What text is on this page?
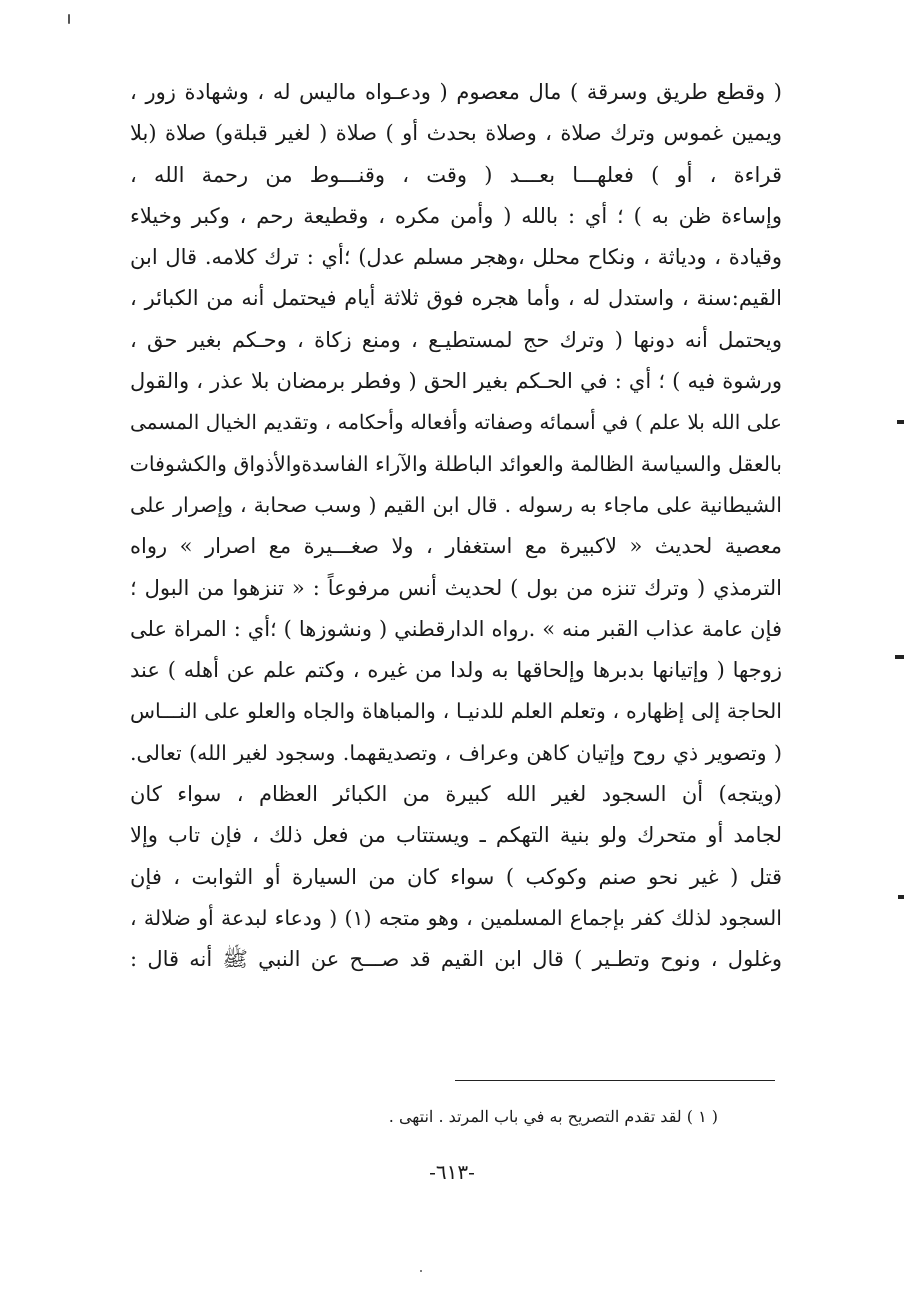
( وقطع طريق وسرقة ) مال معصوم ( ودعـواه ماليس له ، وشهادة زور ،
ويمين غموس وترك صلاة ، وصلاة بحدث أو ) صلاة ( لغير قبلةو) صلاة (بلا
قراءة ، أو ) فعلهـــا بعـــد ( وقت ، وقنـــوط من رحمة الله ،
وإساءة ظن به ) ؛ أي : بالله ( وأمن مكره ، وقطيعة رحم ، وكبر وخيلاء
وقيادة ، ودياثة ، ونكاح محلل ،وهجر مسلم عدل) ؛أي : ترك كلامه. قال ابن
القيم:سنة ، واستدل له ، وأما هجره فوق ثلاثة أيام فيحتمل أنه من الكبائر ،
ويحتمل أنه دونها ( وترك حج لمستطيـع ، ومنع زكاة ، وحـكم بغير حق ،
ورشوة فيه ) ؛ أي : في الحـكم بغير الحق ( وفطر برمضان بلا عذر ، والقول
على الله بلا علم ) في أسمائه وصفاته وأفعاله وأحكامه ، وتقديم الخيال المسمى
بالعقل والسياسة الظالمة والعوائد الباطلة والآراء الفاسدةوالأذواق والكشوفات
الشيطانية على ماجاء به رسوله . قال ابن القيم ( وسب صحابة ، وإصرار على
معصية لحديث « لاكبيرة مع استغفار ، ولا صغـــيرة مع اصرار » رواه
الترمذي ( وترك تنزه من بول ) لحديث أنس مرفوعاً : « تنزهوا من البول ؛
فإن عامة عذاب القبر منه » .رواه الدارقطني ( ونشوزها ) ؛أي : المراة على
زوجها ( وإتيانها بدبرها وإلحاقها به ولدا من غيره ، وكتم علم عن أهله ) عند
الحاجة إلى إظهاره ، وتعلم العلم للدنيـا ، والمباهاة والجاه والعلو على النـــاس
( وتصوير ذي روح وإتيان كاهن وعراف ، وتصديقهما. وسجود لغير الله) تعالى.
(ويتجه) أن السجود لغير الله كبيرة من الكبائر العظام ، سواء كان
لجامد أو متحرك ولو بنية التهكم ـ ويستتاب من فعل ذلك ، فإن تاب وإلا
قتل ( غير نحو صنم وكوكب ) سواء كان من السيارة أو الثوابت ، فإن
السجود لذلك كفر بإجماع المسلمين ، وهو متجه (١) ( ودعاء لبدعة أو ضلالة ،
وغلول ، ونوح وتطـير ) قال ابن القيم قد صـــح عن النبي ﷺ أنه قال :
( ١ ) لقد تقدم التصريح به في باب المرتد . انتهى .
-٦١٣-
